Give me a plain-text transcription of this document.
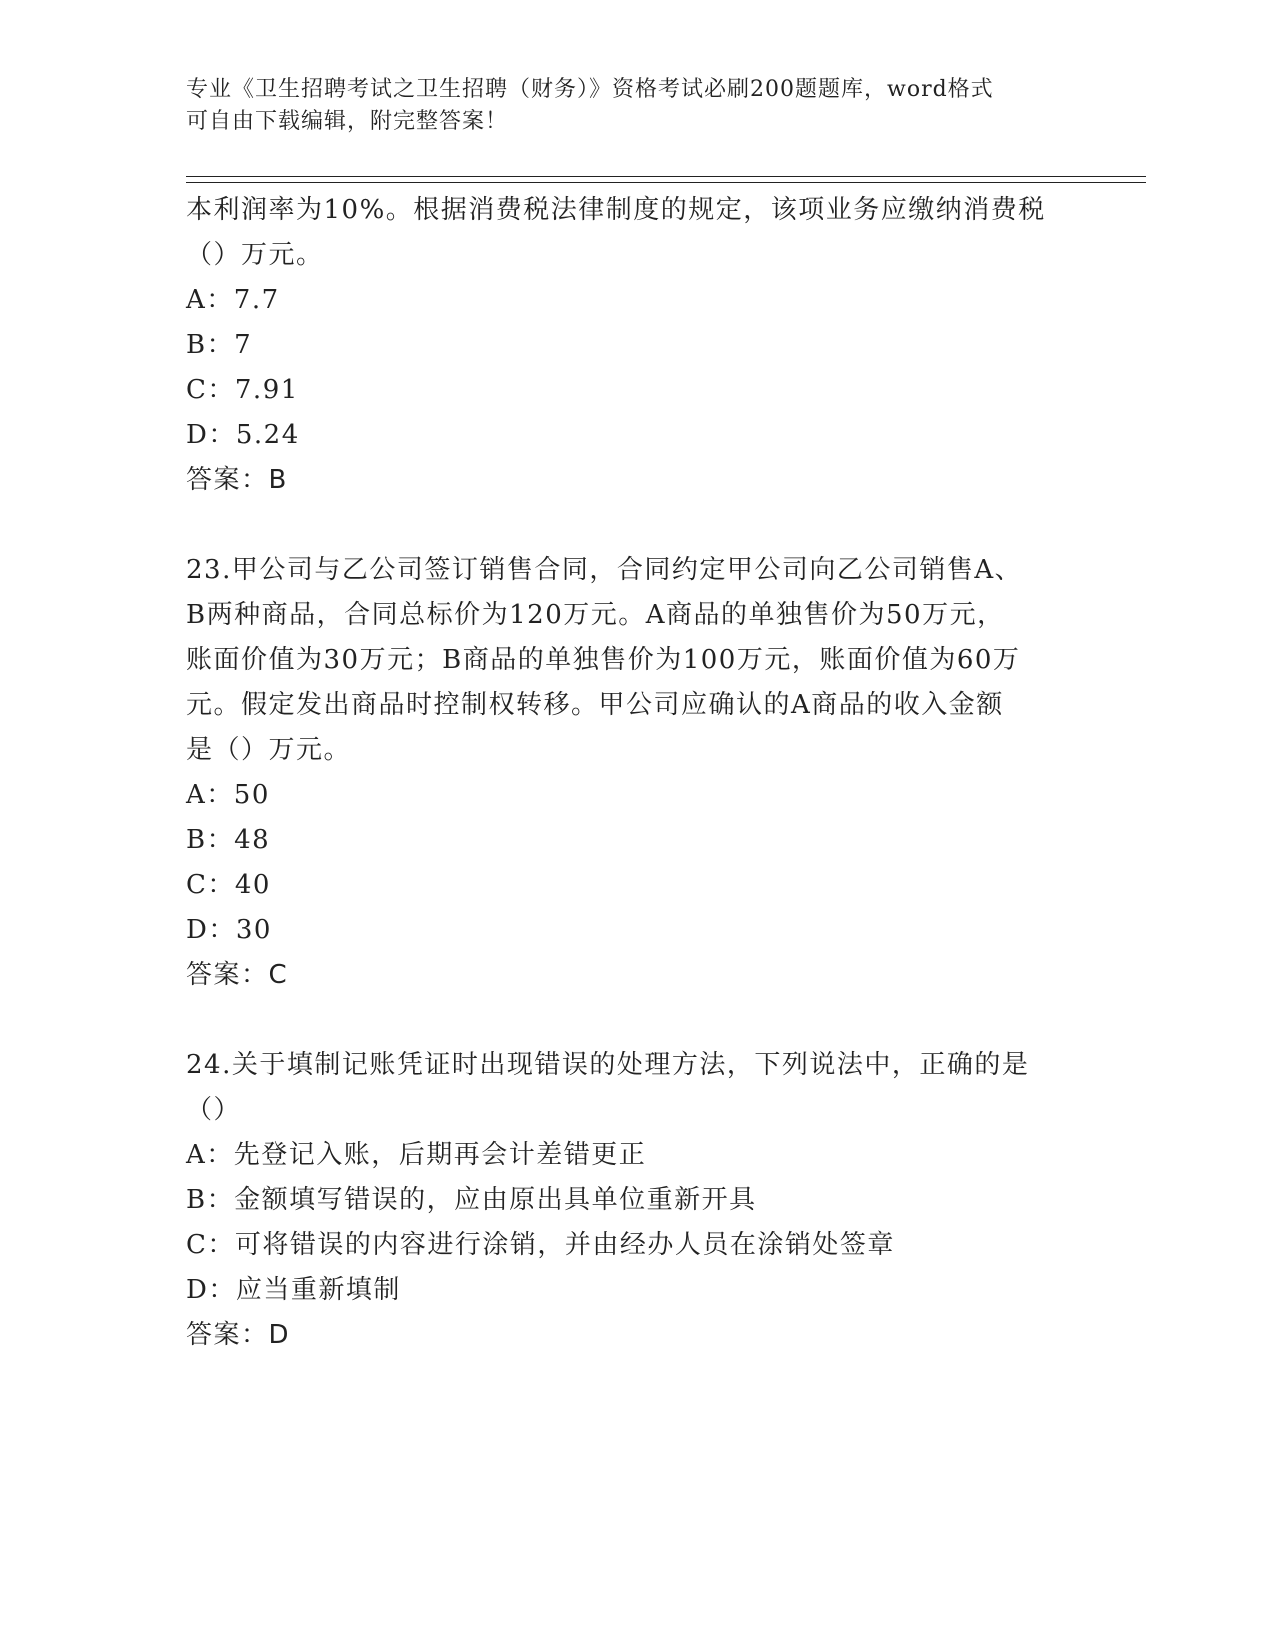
专业《卫生招聘考试之卫生招聘（财务）》资格考试必刷200题题库，word格式
可自由下载编辑，附完整答案！
本利润率为10%。根据消费税法律制度的规定，该项业务应缴纳消费税
（）万元。
A：7.7
B：7
C：7.91
D：5.24
答案：B
23.甲公司与乙公司签订销售合同，合同约定甲公司向乙公司销售A、
B两种商品，合同总标价为120万元。A商品的单独售价为50万元，
账面价值为30万元；B商品的单独售价为100万元，账面价值为60万
元。假定发出商品时控制权转移。甲公司应确认的A商品的收入金额
是（）万元。
A：50
B：48
C：40
D：30
答案：C
24.关于填制记账凭证时出现错误的处理方法，下列说法中，正确的是
（）
A：先登记入账，后期再会计差错更正
B：金额填写错误的，应由原出具单位重新开具
C：可将错误的内容进行涂销，并由经办人员在涂销处签章
D：应当重新填制
答案：D
